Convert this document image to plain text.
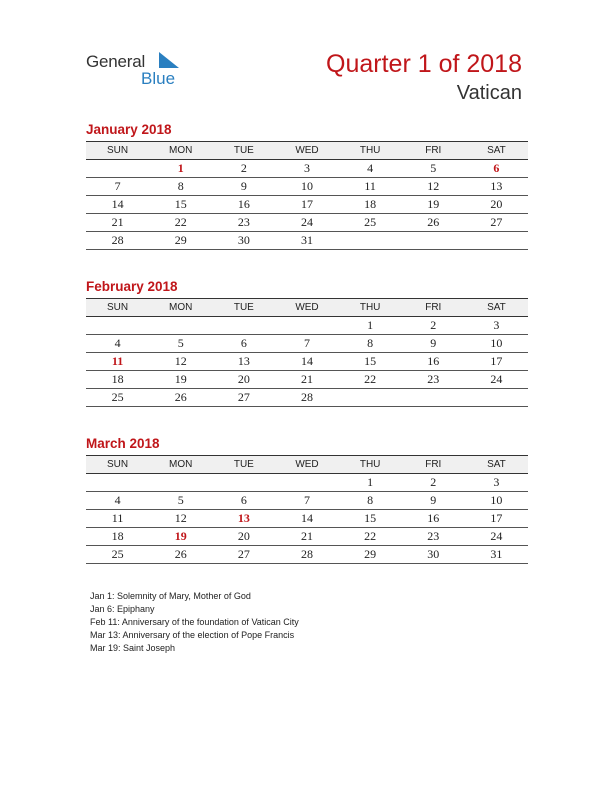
General
Blue
Quarter 1 of 2018
Vatican
January 2018
SUN	MON	TUE	WED	THU	FRI	SAT
	1	2	3	4	5	6
7	8	9	10	11	12	13
14	15	16	17	18	19	20
21	22	23	24	25	26	27
28	29	30	31			
February 2018
SUN	MON	TUE	WED	THU	FRI	SAT
				1	2	3
4	5	6	7	8	9	10
11	12	13	14	15	16	17
18	19	20	21	22	23	24
25	26	27	28			
March 2018
SUN	MON	TUE	WED	THU	FRI	SAT
				1	2	3
4	5	6	7	8	9	10
11	12	13	14	15	16	17
18	19	20	21	22	23	24
25	26	27	28	29	30	31
Jan 1: Solemnity of Mary, Mother of God
Jan 6: Epiphany
Feb 11: Anniversary of the foundation of Vatican City
Mar 13: Anniversary of the election of Pope Francis
Mar 19: Saint Joseph
